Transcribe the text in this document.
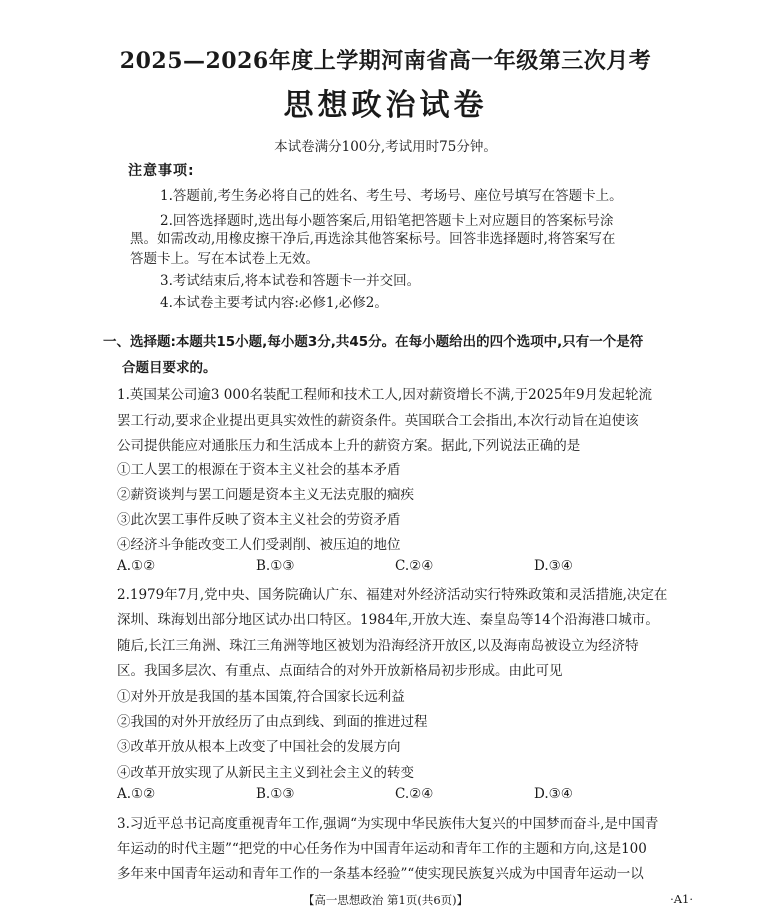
2025—2026年度上学期河南省高一年级第三次月考
思想政治试卷
本试卷满分100分,考试用时75分钟。
注意事项:
1.答题前,考生务必将自己的姓名、考生号、考场号、座位号填写在答题卡上。
2.回答选择题时,选出每小题答案后,用铅笔把答题卡上对应题目的答案标号涂
黑。如需改动,用橡皮擦干净后,再选涂其他答案标号。回答非选择题时,将答案写在
答题卡上。写在本试卷上无效。
3.考试结束后,将本试卷和答题卡一并交回。
4.本试卷主要考试内容:必修1,必修2。
一、选择题:本题共15小题,每小题3分,共45分。在每小题给出的四个选项中,只有一个是符
合题目要求的。
1.英国某公司逾3 000名装配工程师和技术工人,因对薪资增长不满,于2025年9月发起轮流
罢工行动,要求企业提出更具实效性的薪资条件。英国联合工会指出,本次行动旨在迫使该
公司提供能应对通胀压力和生活成本上升的薪资方案。据此,下列说法正确的是
①工人罢工的根源在于资本主义社会的基本矛盾
②薪资谈判与罢工问题是资本主义无法克服的痼疾
③此次罢工事件反映了资本主义社会的劳资矛盾
④经济斗争能改变工人们受剥削、被压迫的地位
A.①②	B.①③	C.②④	D.③④
2.1979年7月,党中央、国务院确认广东、福建对外经济活动实行特殊政策和灵活措施,决定在
深圳、珠海划出部分地区试办出口特区。1984年,开放大连、秦皇岛等14个沿海港口城市。
随后,长江三角洲、珠江三角洲等地区被划为沿海经济开放区,以及海南岛被设立为经济特
区。我国多层次、有重点、点面结合的对外开放新格局初步形成。由此可见
①对外开放是我国的基本国策,符合国家长远利益
②我国的对外开放经历了由点到线、到面的推进过程
③改革开放从根本上改变了中国社会的发展方向
④改革开放实现了从新民主主义到社会主义的转变
A.①②	B.①③	C.②④	D.③④
3.习近平总书记高度重视青年工作,强调“为实现中华民族伟大复兴的中国梦而奋斗,是中国青
年运动的时代主题”“把党的中心任务作为中国青年运动和青年工作的主题和方向,这是100
多年来中国青年运动和青年工作的一条基本经验”“使实现民族复兴成为中国青年运动一以
【高一思想政治 第1页(共6页)】	·A1·
